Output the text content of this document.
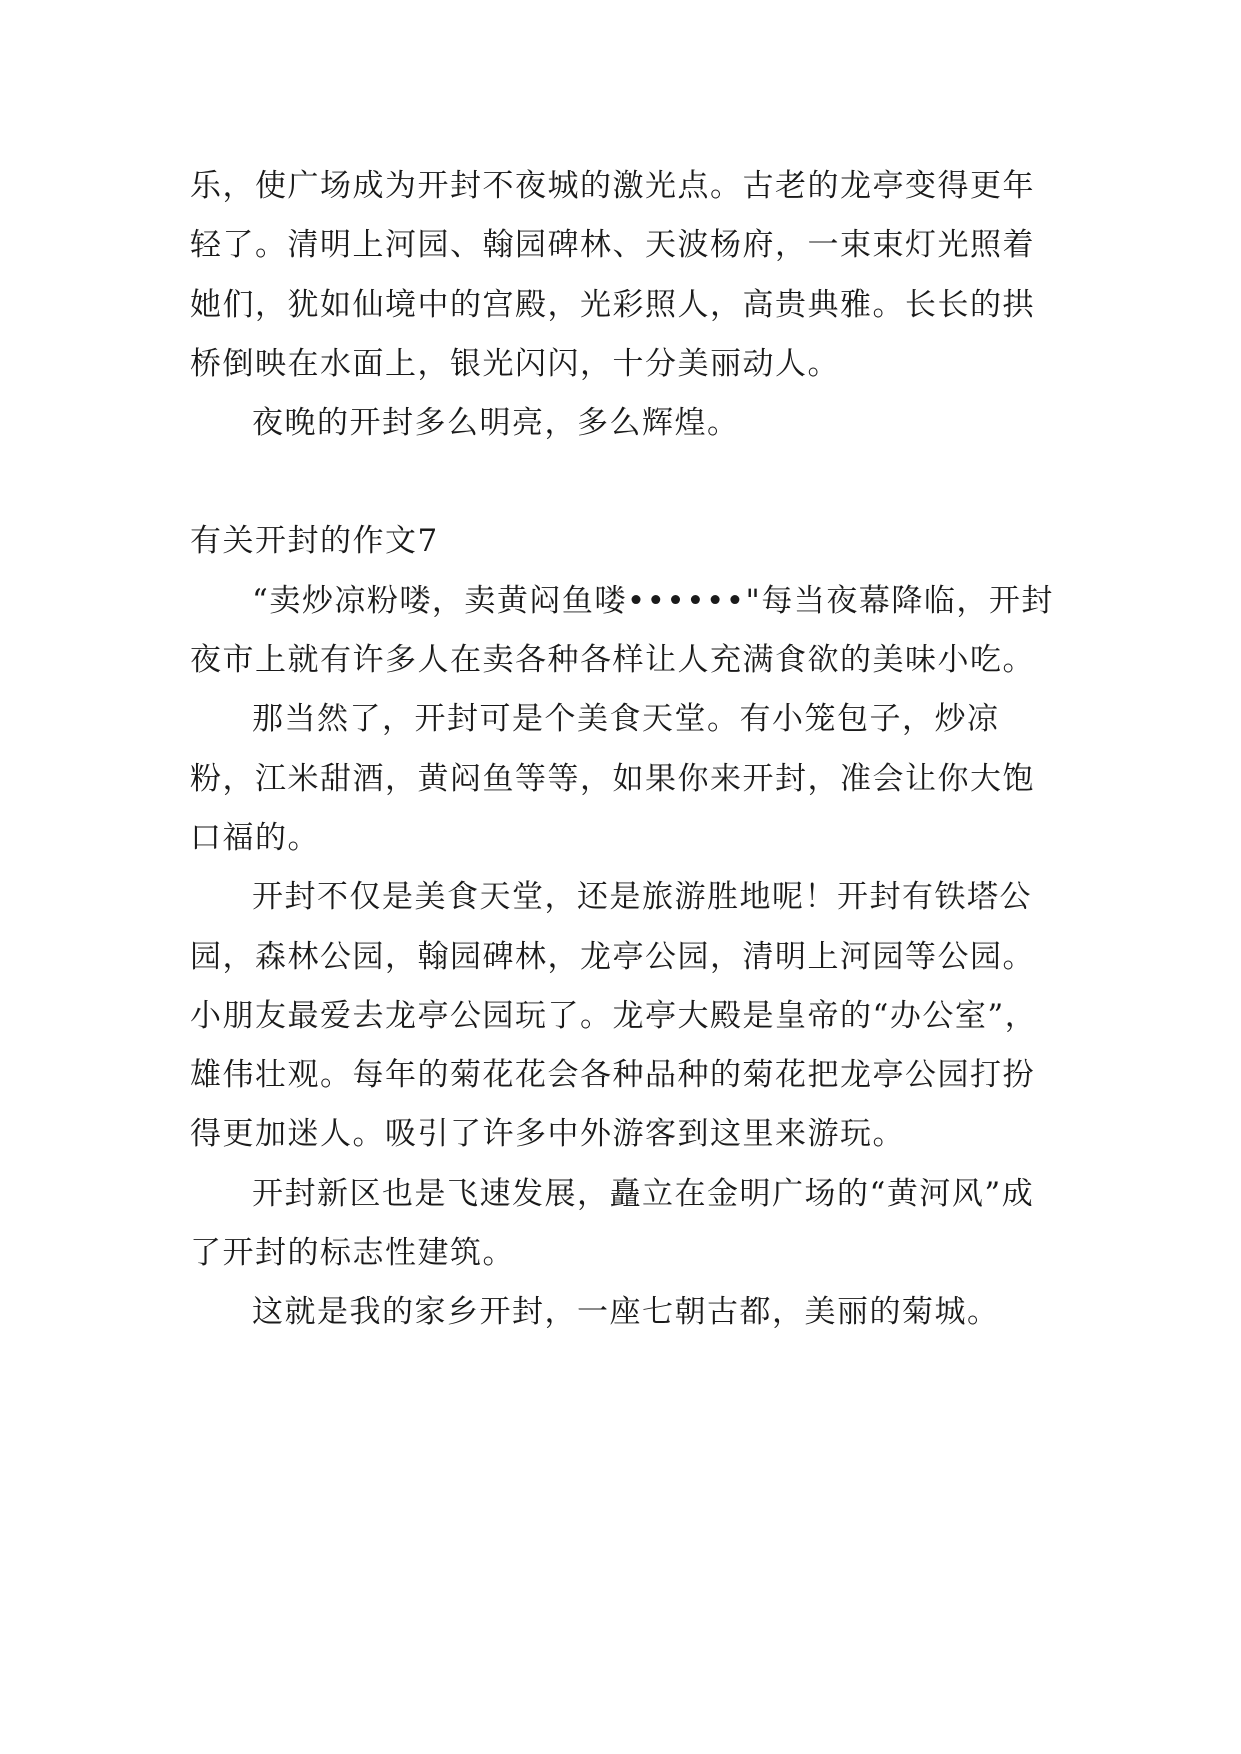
乐，使广场成为开封不夜城的激光点。古老的龙亭变得更年轻了。清明上河园、翰园碑林、天波杨府，一束束灯光照着她们，犹如仙境中的宫殿，光彩照人，高贵典雅。长长的拱桥倒映在水面上，银光闪闪，十分美丽动人。

夜晚的开封多么明亮，多么辉煌。

有关开封的作文7

“卖炒凉粉喽，卖黄闷鱼喽••••••"每当夜幕降临，开封夜市上就有许多人在卖各种各样让人充满食欲的美味小吃。

那当然了，开封可是个美食天堂。有小笼包子，炒凉粉，江米甜酒，黄闷鱼等等，如果你来开封，准会让你大饱口福的。

开封不仅是美食天堂，还是旅游胜地呢！开封有铁塔公园，森林公园，翰园碑林，龙亭公园，清明上河园等公园。小朋友最爱去龙亭公园玩了。龙亭大殿是皇帝的“办公室”，雄伟壮观。每年的菊花花会各种品种的菊花把龙亭公园打扮得更加迷人。吸引了许多中外游客到这里来游玩。

开封新区也是飞速发展，矗立在金明广场的“黄河风”成了开封的标志性建筑。

这就是我的家乡开封，一座七朝古都，美丽的菊城。
